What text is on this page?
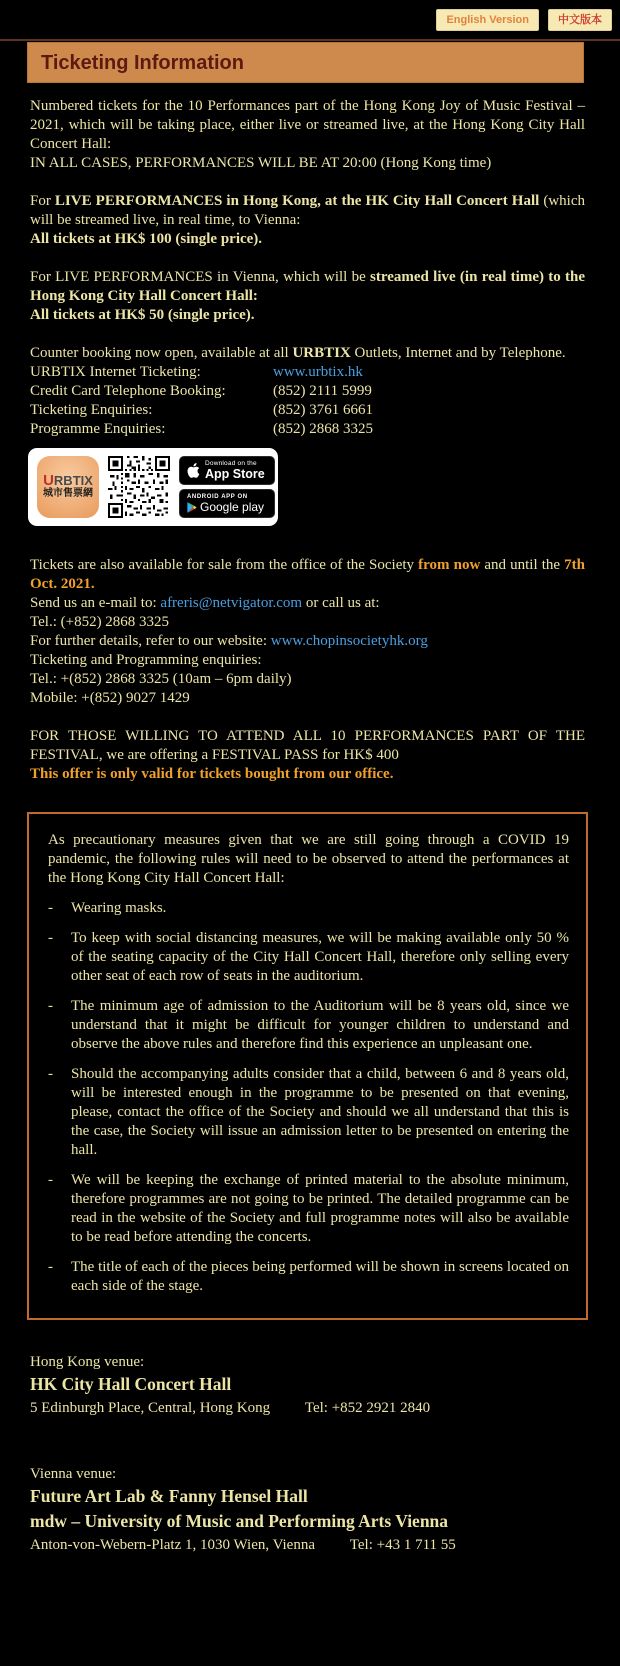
English Version	中文版本
Ticketing Information

Numbered tickets for the 10 Performances part of the Hong Kong Joy of Music Festival – 2021, which will be taking place, either live or streamed live, at the Hong Kong City Hall Concert Hall:
IN ALL CASES, PERFORMANCES WILL BE AT 20:00 (Hong Kong time)

For LIVE PERFORMANCES in Hong Kong, at the HK City Hall Concert Hall (which will be streamed live, in real time, to Vienna:
All tickets at HK$ 100 (single price).

For LIVE PERFORMANCES in Vienna, which will be streamed live (in real time) to the Hong Kong City Hall Concert Hall:
All tickets at HK$ 50 (single price).

Counter booking now open, available at all URBTIX Outlets, Internet and by Telephone.
URBTIX Internet Ticketing:	www.urbtix.hk
Credit Card Telephone Booking:	(852) 2111 5999
Ticketing Enquiries:	(852) 3761 6661
Programme Enquiries:	(852) 2868 3325
URBTIX
城市售票網
Download on the
App Store
ANDROID APP ON
Google play

Tickets are also available for sale from the office of the Society from now and until the 7th Oct. 2021.
Send us an e-mail to: afreris@netvigator.com or call us at:
Tel.: (+852) 2868 3325
For further details, refer to our website: www.chopinsocietyhk.org
Ticketing and Programming enquiries:
Tel.: +(852) 2868 3325 (10am – 6pm daily)
Mobile: +(852) 9027 1429

FOR THOSE WILLING TO ATTEND ALL 10 PERFORMANCES PART OF THE FESTIVAL, we are offering a FESTIVAL PASS for HK$ 400
This offer is only valid for tickets bought from our office.

As precautionary measures given that we are still going through a COVID 19 pandemic, the following rules will need to be observed to attend the performances at the Hong Kong City Hall Concert Hall:

-	Wearing masks.
-	To keep with social distancing measures, we will be making available only 50 % of the seating capacity of the City Hall Concert Hall, therefore only selling every other seat of each row of seats in the auditorium.
-	The minimum age of admission to the Auditorium will be 8 years old, since we understand that it might be difficult for younger children to understand and observe the above rules and therefore find this experience an unpleasant one.
-	Should the accompanying adults consider that a child, between 6 and 8 years old, will be interested enough in the programme to be presented on that evening, please, contact the office of the Society and should we all understand that this is the case, the Society will issue an admission letter to be presented on entering the hall.
-	We will be keeping the exchange of printed material to the absolute minimum, therefore programmes are not going to be printed. The detailed programme can be read in the website of the Society and full programme notes will also be available to be read before attending the concerts.
-	The title of each of the pieces being performed will be shown in screens located on each side of the stage.
Hong Kong venue:
HK City Hall Concert Hall
5 Edinburgh Place, Central, Hong Kong Tel: +852 2921 2840
Vienna venue:
Future Art Lab & Fanny Hensel Hall
mdw – University of Music and Performing Arts Vienna
Anton-von-Webern-Platz 1, 1030 Wien, Vienna Tel: +43 1 711 55
